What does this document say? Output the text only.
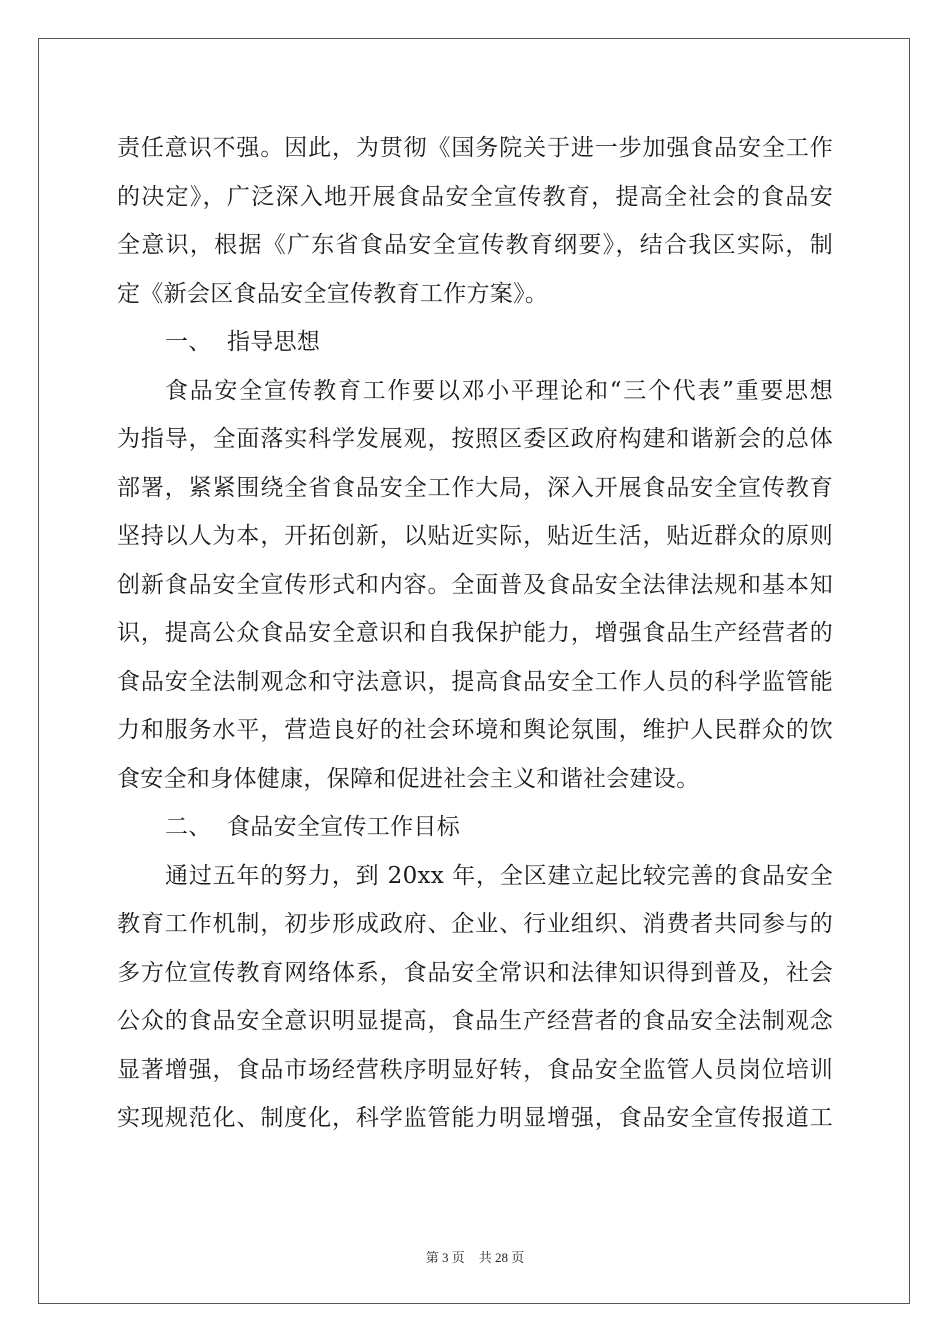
责任意识不强。因此，为贯彻《国务院关于进一步加强食品安全工作
的决定》，广泛深入地开展食品安全宣传教育，提高全社会的食品安
全意识，根据《广东省食品安全宣传教育纲要》，结合我区实际，制
定《新会区食品安全宣传教育工作方案》。
一、 指导思想
食品安全宣传教育工作要以邓小平理论和“三个代表”重要思想
为指导，全面落实科学发展观，按照区委区政府构建和谐新会的总体
部署，紧紧围绕全省食品安全工作大局，深入开展食品安全宣传教育
坚持以人为本，开拓创新，以贴近实际，贴近生活，贴近群众的原则
创新食品安全宣传形式和内容。全面普及食品安全法律法规和基本知
识，提高公众食品安全意识和自我保护能力，增强食品生产经营者的
食品安全法制观念和守法意识，提高食品安全工作人员的科学监管能
力和服务水平，营造良好的社会环境和舆论氛围，维护人民群众的饮
食安全和身体健康，保障和促进社会主义和谐社会建设。
二、 食品安全宣传工作目标
通过五年的努力，到 20xx 年，全区建立起比较完善的食品安全
教育工作机制，初步形成政府、企业、行业组织、消费者共同参与的
多方位宣传教育网络体系，食品安全常识和法律知识得到普及，社会
公众的食品安全意识明显提高，食品生产经营者的食品安全法制观念
显著增强，食品市场经营秩序明显好转，食品安全监管人员岗位培训
实现规范化、制度化，科学监管能力明显增强，食品安全宣传报道工
第 3 页 共 28 页
